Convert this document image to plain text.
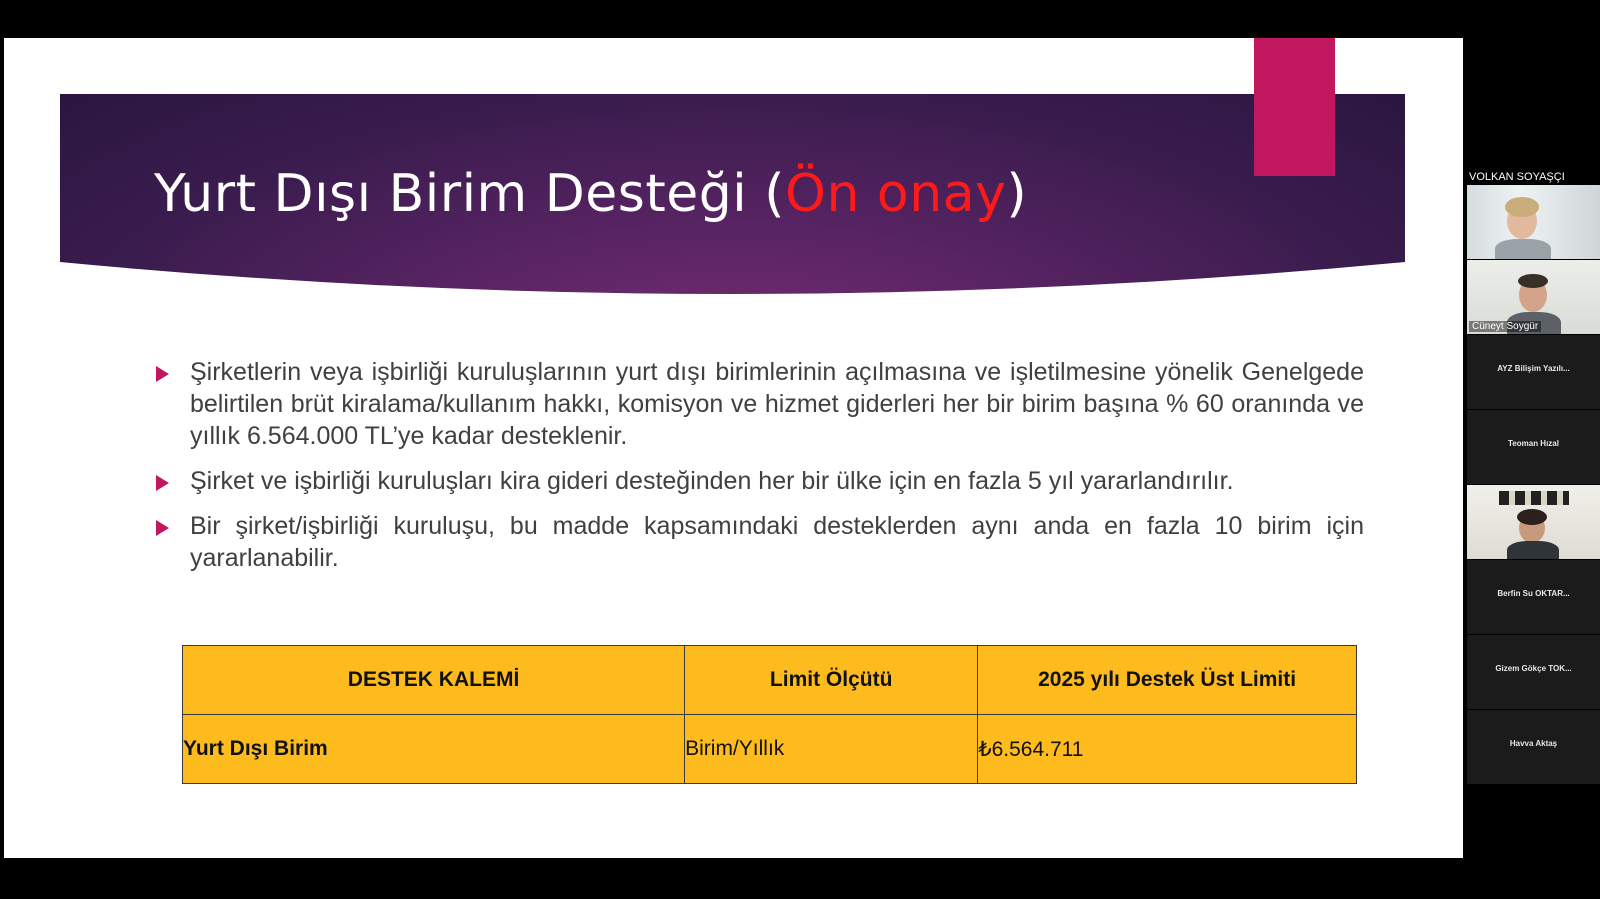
Yurt Dışı Birim Desteği (Ön onay)
Şirketlerin veya işbirliği kuruluşlarının yurt dışı birimlerinin açılmasına ve işletilmesine yönelik Genelgede belirtilen brüt kiralama/kullanım hakkı, komisyon ve hizmet giderleri her bir birim başına % 60 oranında ve yıllık 6.564.000 TL’ye kadar desteklenir.
Şirket ve işbirliği kuruluşları kira gideri desteğinden her bir ülke için en fazla 5 yıl yararlandırılır.
Bir şirket/işbirliği kuruluşu, bu madde kapsamındaki desteklerden aynı anda en fazla 10 birim için yararlanabilir.
DESTEK KALEMİ	Limit Ölçütü	2025 yılı Destek Üst Limiti
Yurt Dışı Birim	Birim/Yıllık	₺6.564.711
VOLKAN SOYAŞÇI
Cüneyt Soygür
AYZ Bilişim Yazılı...
Teoman Hızal
Berfin Su OKTAR...
Gizem Gökçe TOK...
Havva Aktaş
